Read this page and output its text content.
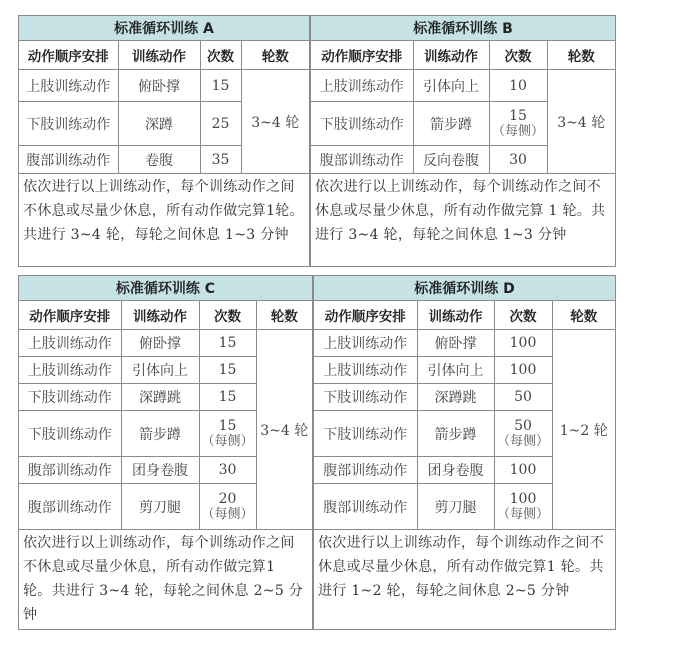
标准循环训练 A			
动作顺序安排	训练动作	次数	轮数
上肢训练动作	俯卧撑	15	3~4 轮
下肢训练动作	深蹲	25	
腹部训练动作	卷腹	35	
依次进行以上训练动作，每个训练动作之间不休息或尽量少休息，所有动作做完算1轮。共进行 3~4 轮，每轮之间休息 1~3 分钟			
标准循环训练 B			
动作顺序安排	训练动作	次数	轮数
上肢训练动作	引体向上	10	3~4 轮
下肢训练动作	箭步蹲	15
（每侧）	

腹部训练动作	反向卷腹	30	
依次进行以上训练动作，每个训练动作之间不休息或尽量少休息，所有动作做完算 1 轮。共进行 3~4 轮，每轮之间休息 1~3 分钟			
标准循环训练 C			
动作顺序安排	训练动作	次数	轮数
上肢训练动作	俯卧撑	15	3~4 轮
上肢训练动作	引体向上	15	
下肢训练动作	深蹲跳	15	
下肢训练动作	箭步蹲	15
（每侧）	

腹部训练动作	团身卷腹	30	
腹部训练动作	剪刀腿	20
（每侧）	

依次进行以上训练动作，每个训练动作之间不休息或尽量少休息，所有动作做完算1 轮。共进行 3~4 轮，每轮之间休息 2~5 分钟			
标准循环训练 D			
动作顺序安排	训练动作	次数	轮数
上肢训练动作	俯卧撑	100	1~2 轮
上肢训练动作	引体向上	100	
下肢训练动作	深蹲跳	50	
下肢训练动作	箭步蹲	50
（每侧）	

腹部训练动作	团身卷腹	100	
腹部训练动作	剪刀腿	100
（每侧）	

依次进行以上训练动作，每个训练动作之间不休息或尽量少休息，所有动作做完算1 轮。共进行 1~2 轮，每轮之间休息 2~5 分钟			
